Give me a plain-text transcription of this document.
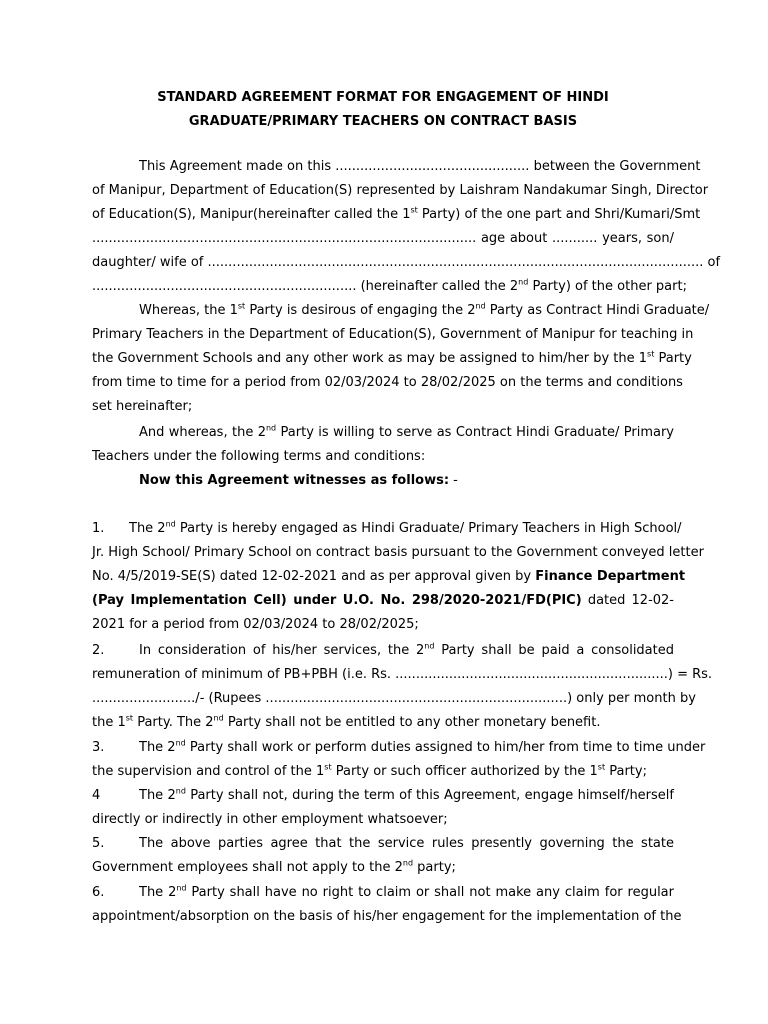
STANDARD AGREEMENT FORMAT FOR ENGAGEMENT OF HINDI
GRADUATE/PRIMARY TEACHERS ON CONTRACT BASIS
This Agreement made on this ............................................... between the Government
of Manipur, Department of Education(S) represented by Laishram Nandakumar Singh, Director
of Education(S), Manipur(hereinafter called the 1st Party) of the one part and Shri/Kumari/Smt
............................................................................................. age about ........... years, son/
daughter/ wife of ........................................................................................................................ of
................................................................ (hereinafter called the 2nd Party) of the other part;
Whereas, the 1st Party is desirous of engaging the 2nd Party as Contract Hindi Graduate/
Primary Teachers in the Department of Education(S), Government of Manipur for teaching in
the Government Schools and any other work as may be assigned to him/her by the 1st Party
from time to time for a period from 02/03/2024 to 28/02/2025 on the terms and conditions
set hereinafter;
And whereas, the 2nd Party is willing to serve as Contract Hindi Graduate/ Primary
Teachers under the following terms and conditions:
Now this Agreement witnesses as follows: -
1. The 2nd Party is hereby engaged as Hindi Graduate/ Primary Teachers in High School/
Jr. High School/ Primary School on contract basis pursuant to the Government conveyed letter
No. 4/5/2019-SE(S) dated 12-02-2021 and as per approval given by Finance Department
(Pay Implementation Cell) under U.O. No. 298/2020-2021/FD(PIC) dated 12-02-
2021 for a period from 02/03/2024 to 28/02/2025;
2.	In consideration of his/her services, the 2nd Party shall be paid a consolidated
remuneration of minimum of PB+PBH (i.e. Rs. ..................................................................) = Rs.
........................./- (Rupees .........................................................................) only per month by
the 1st Party. The 2nd Party shall not be entitled to any other monetary benefit.
3.	The 2nd Party shall work or perform duties assigned to him/her from time to time under
the supervision and control of the 1st Party or such officer authorized by the 1st Party;
4	The 2nd Party shall not, during the term of this Agreement, engage himself/herself
directly or indirectly in other employment whatsoever;
5.	The above parties agree that the service rules presently governing the state
Government employees shall not apply to the 2nd party;
6.	The 2nd Party shall have no right to claim or shall not make any claim for regular
appointment/absorption on the basis of his/her engagement for the implementation of the
